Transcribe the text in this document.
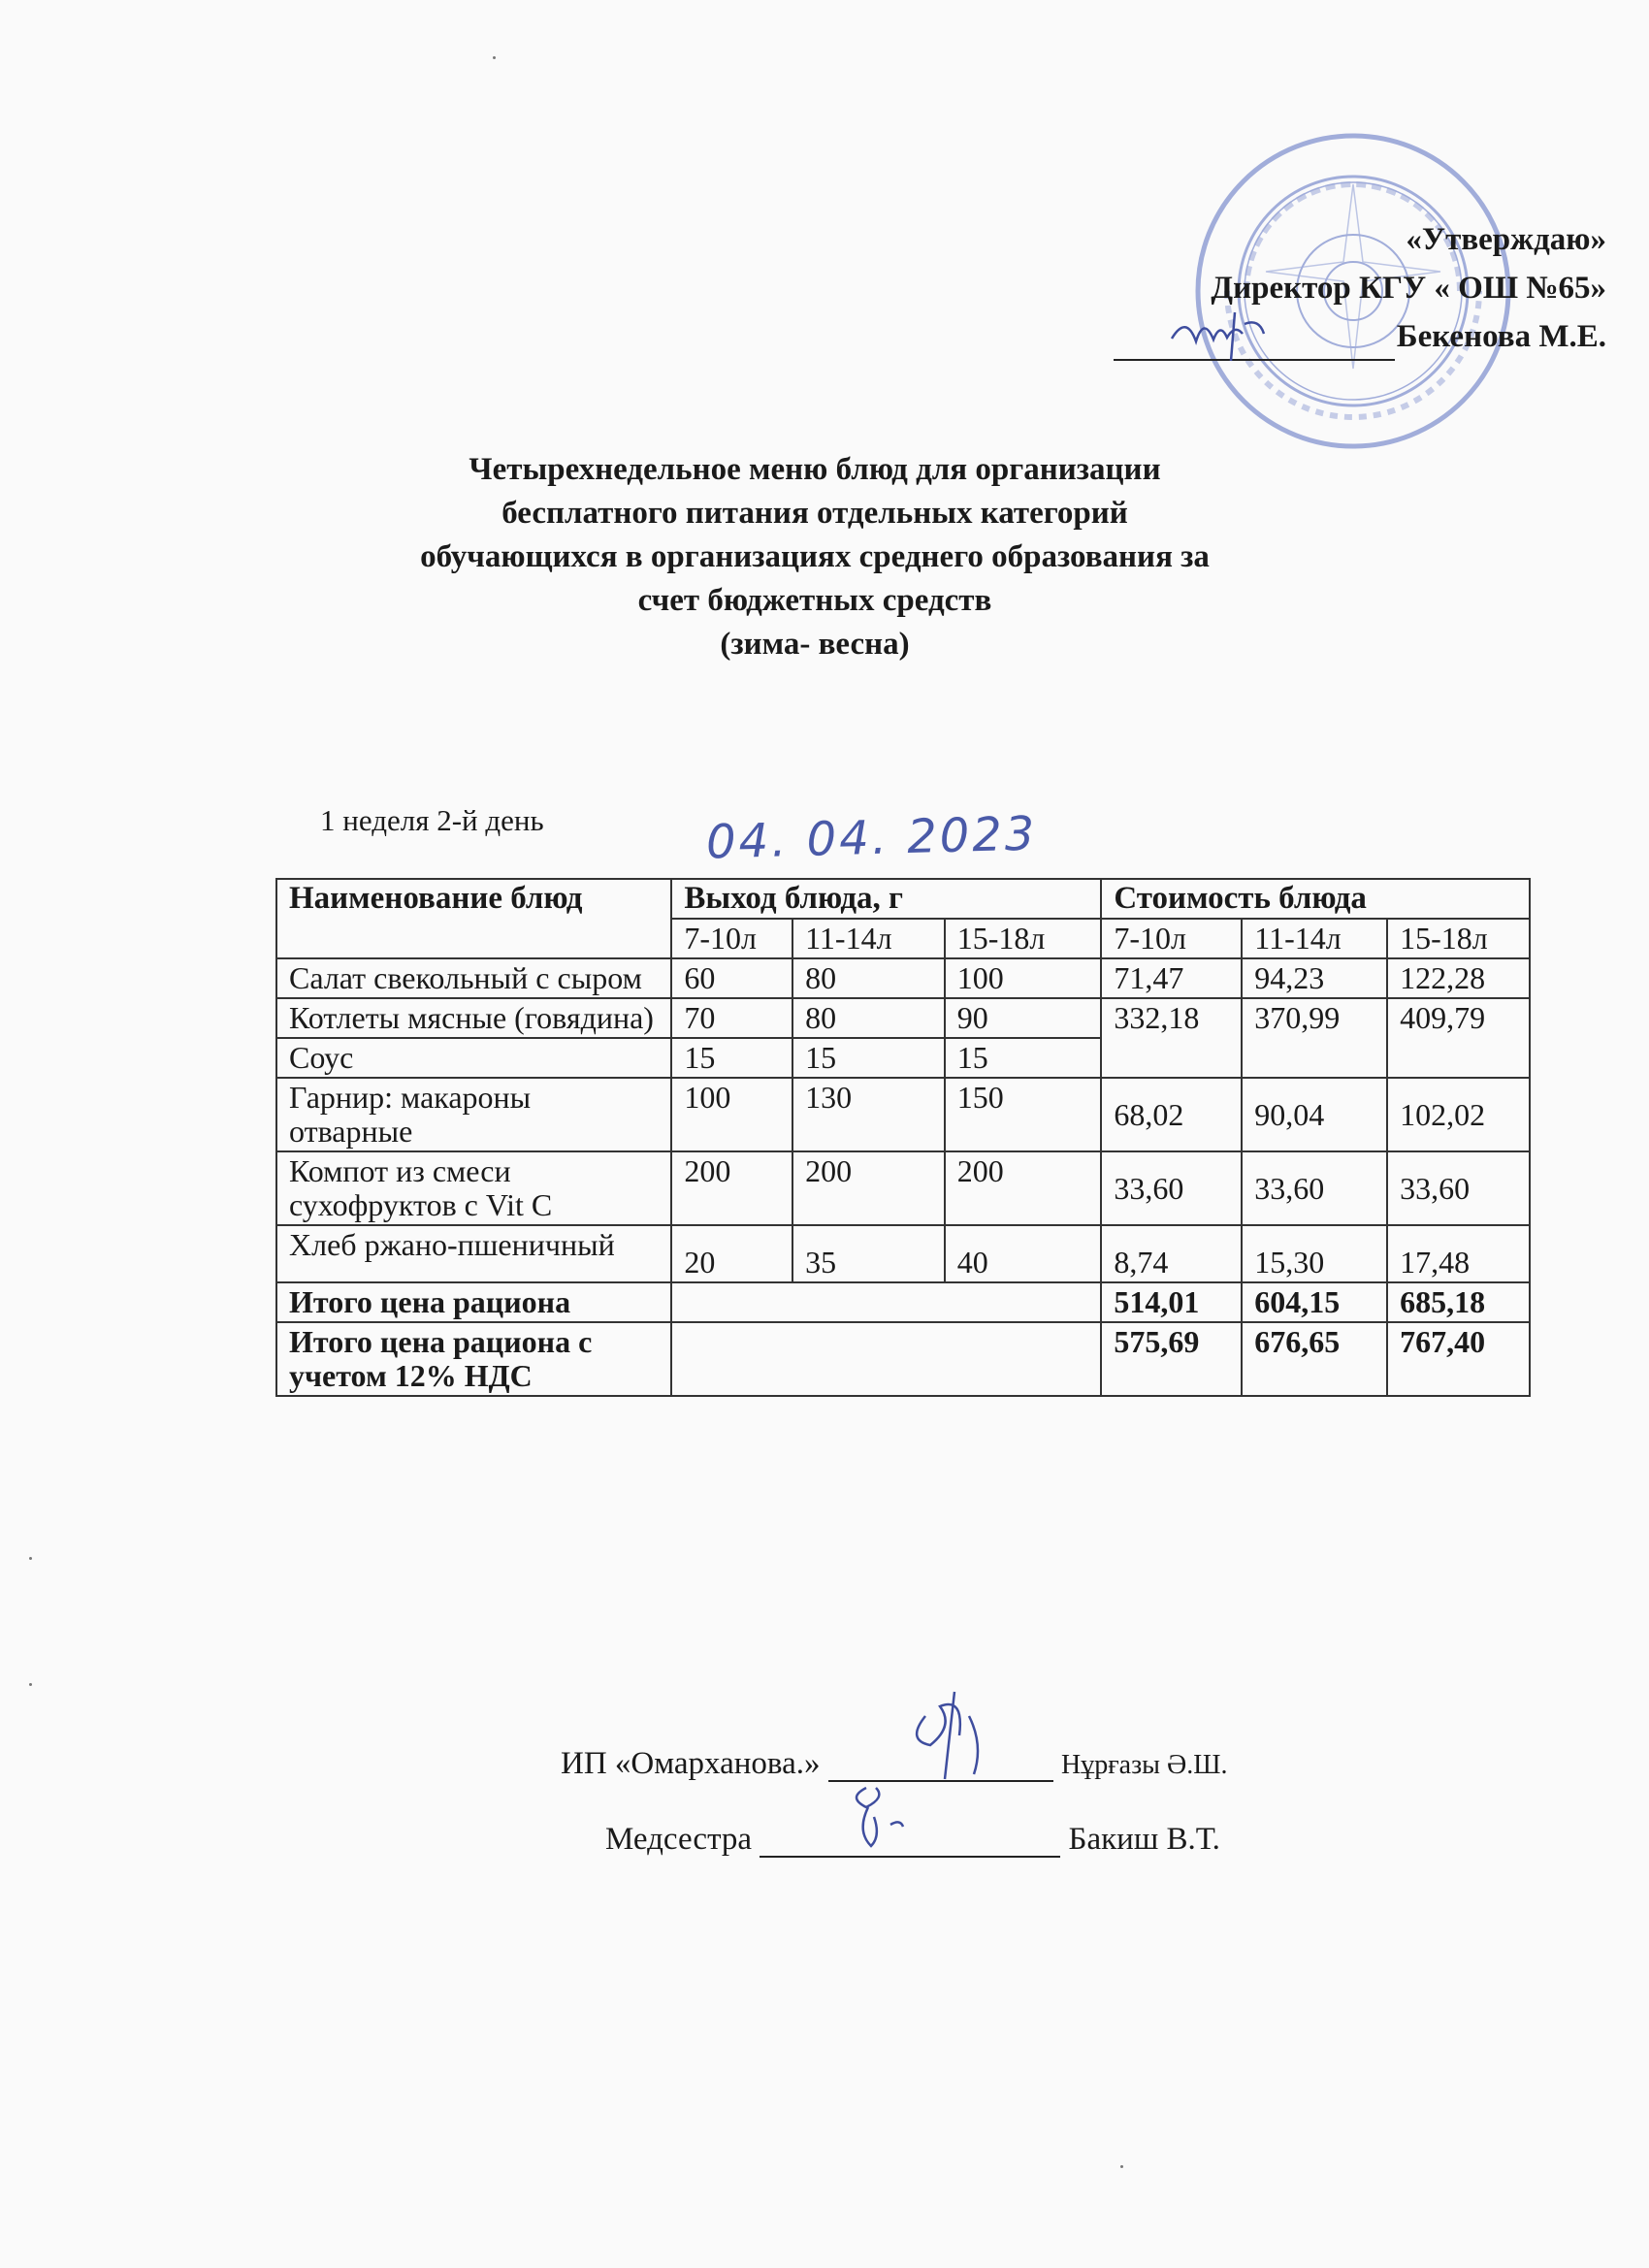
«Утверждаю»
Директор КГУ « ОШ №65»
Бекенова М.Е.
Четырехнедельное меню блюд для организации
бесплатного питания отдельных категорий
обучающихся в организациях среднего образования за
счет бюджетных средств
(зима- весна)
1 неделя 2-й день	04. 04. 2023
Наименование блюд	Выход блюда, г			Стоимость блюда		
	7-10л	11-14л	15-18л	7-10л	11-14л	15-18л
Салат свекольный с сыром	60	80	100	71,47	94,23	122,28
Котлеты мясные (говядина)	70	80	90	332,18	370,99	409,79
Соус	15	15	15			
Гарнир: макароны отварные	100	130	150	68,02	90,04	102,02
Компот из смеси сухофруктов с Vit C	200	200	200	33,60	33,60	33,60
Хлеб ржано-пшеничный	20	35	40	8,74	15,30	17,48
Итого цена рациона				514,01	604,15	685,18
Итого цена рациона с учетом 12% НДС				575,69	676,65	767,40
ИП «Омарханова.»	Нұрғазы Ә.Ш.
Медсестра	Бакиш В.Т.
